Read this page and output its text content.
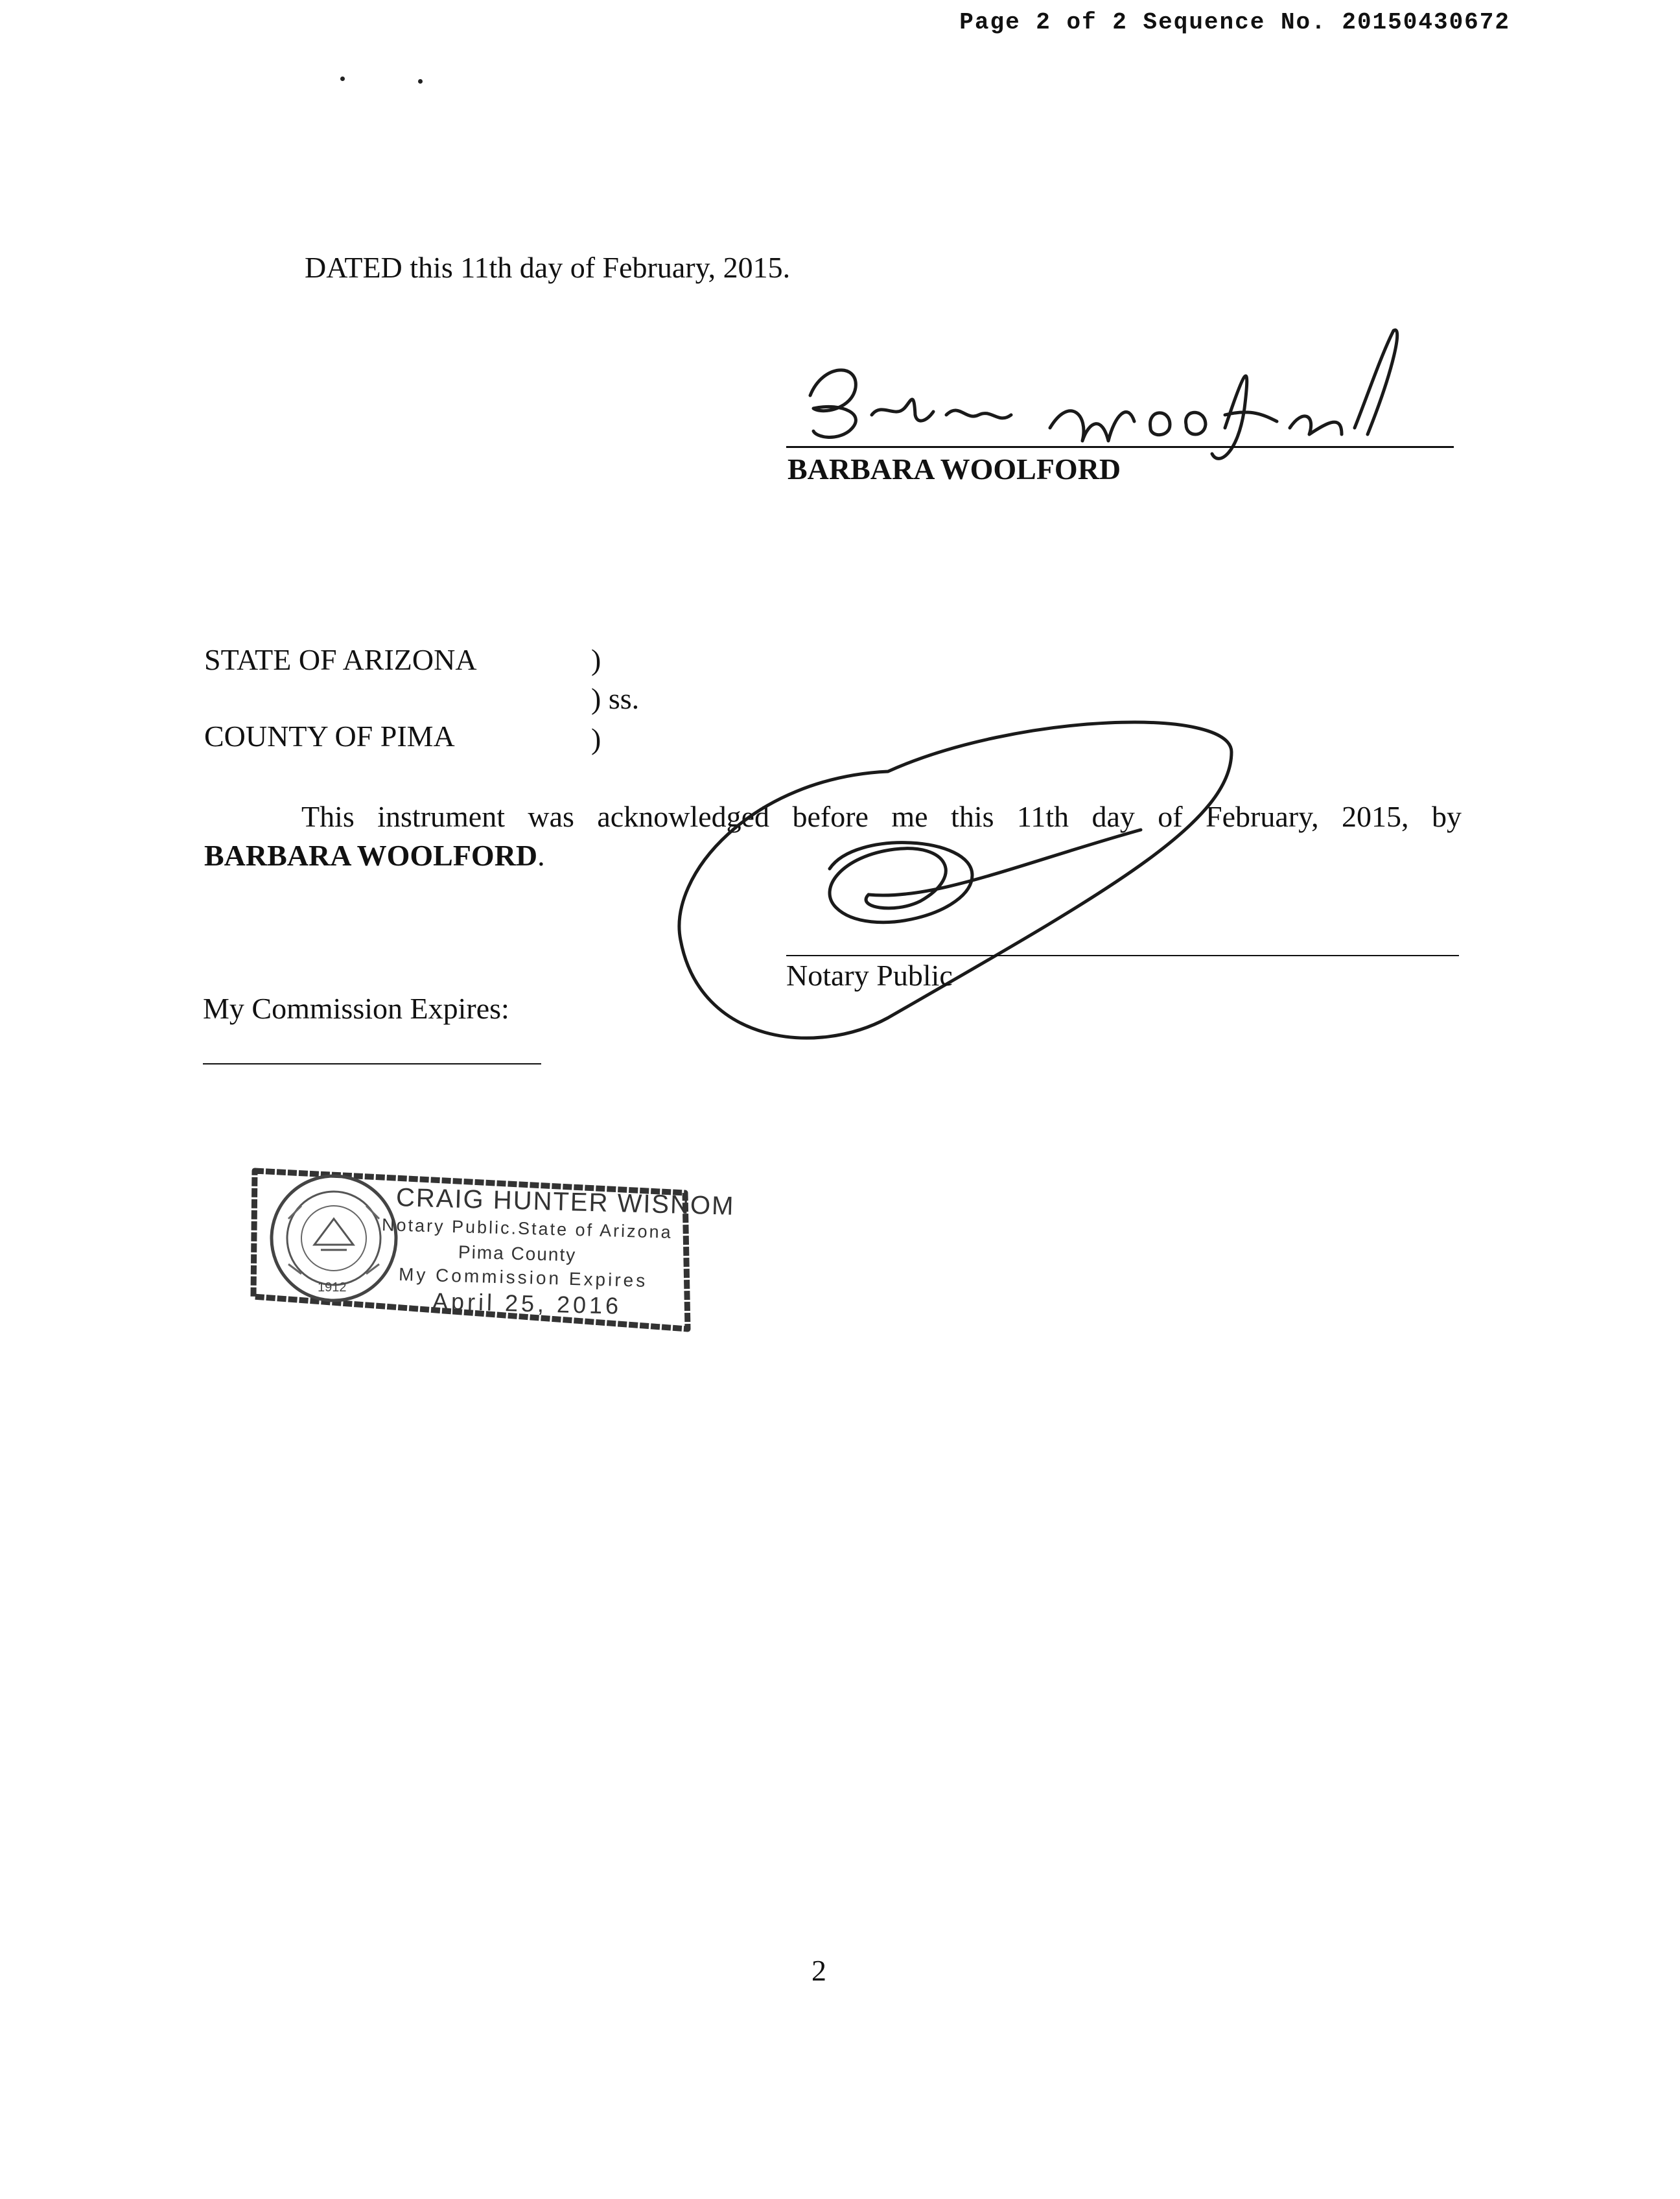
Page 2 of 2 Sequence No. 20150430672
DATED this 11th day of February, 2015.
BARBARA WOOLFORD
STATE OF ARIZONA
COUNTY OF PIMA
)
) ss.
)
This instrument was acknowledged before me this 11th day of February, 2015, by
BARBARA WOOLFORD.
Notary Public
My Commission Expires:
1912
CRAIG HUNTER WISNOM
Notary Public.State of Arizona
Pima County
My Commission Expires
April 25, 2016
2
